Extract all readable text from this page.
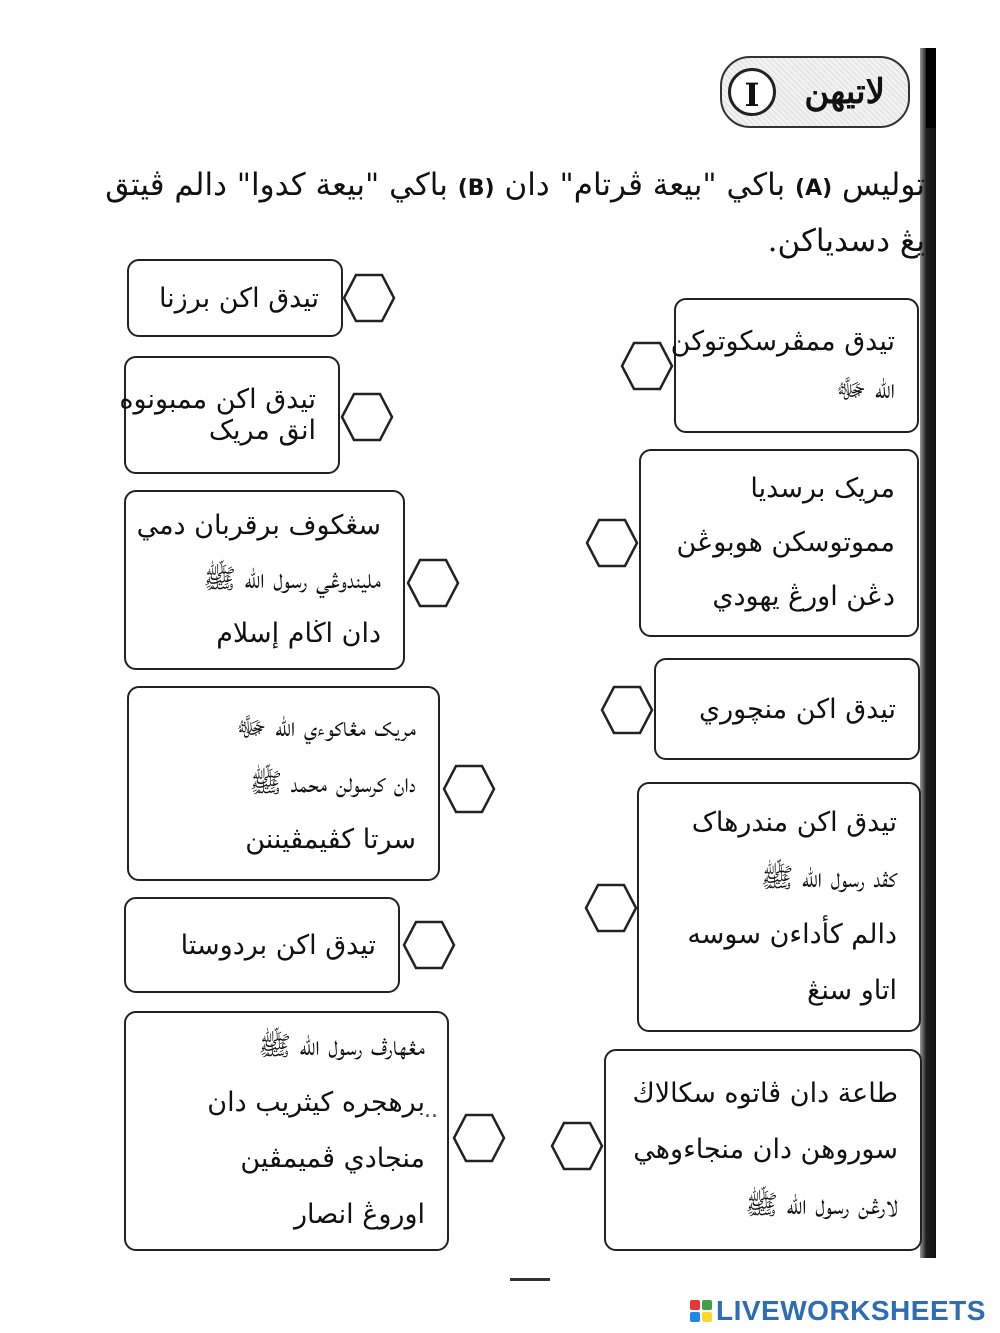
لاتيهن
I
توليس (A) باكي "بيعة ڤرتام" دان (B) باكي "بيعة كدوا" دالم ڤيتق
يڠ دسدياكن.
تيدق اكن برزنا
تيدق اكن ممبونوه
انق مريک
سڠکوف برقربان دمي
مليندوڠي رسول الله ﷺ
دان اڬام إسلام
مريک مڠاکوءي الله ﷻ
دان كرسولن محمد ﷺ
سرتا کڤيمڤيننن
تيدق اكن بردوستا
مڠهارڤ رسول الله ﷺ
برهجره کيثريب دان
منجادي ڤميمڤين
اوروڠ انصار
تيدق ممڤرسكوتوكن
الله ﷻ
مريک برسديا
مموتوسكن هوبوڠن
دڠن اورڠ يهودي
تيدق اكن منچوري
تيدق اكن مندرهاک
كڤد رسول الله ﷺ
دالم كأداءن سوسه
اتاو سنڠ
طاعة دان ڤاتوه سکالاڬ
سوروهن دان منجاءوهي
لارڠن رسول الله ﷺ
..
LIVEWORKSHEETS
